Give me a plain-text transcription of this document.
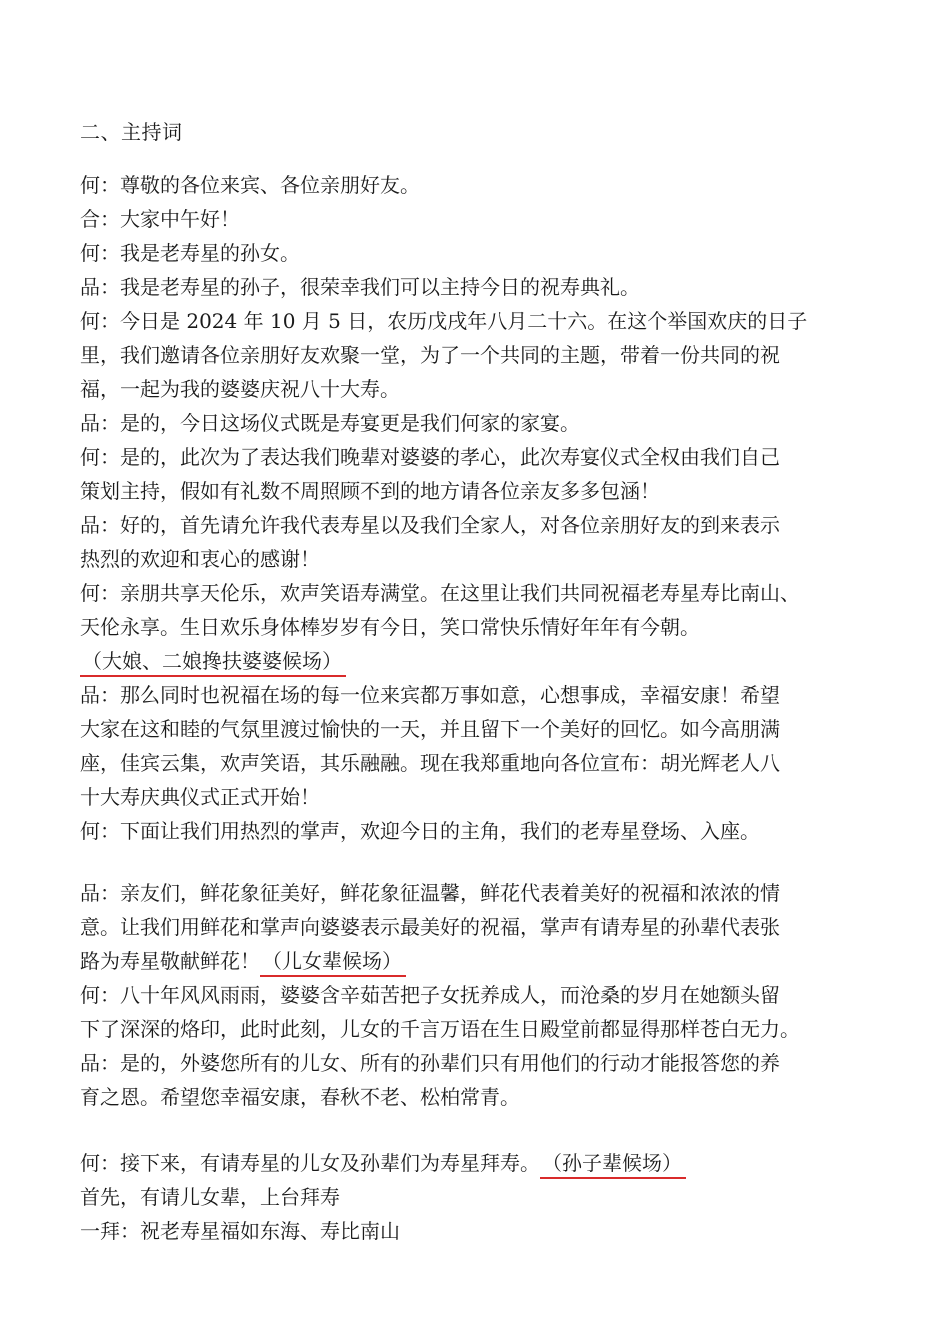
二、主持词
何：尊敬的各位来宾、各位亲朋好友。
合：大家中午好！
何：我是老寿星的孙女。
品：我是老寿星的孙子，很荣幸我们可以主持今日的祝寿典礼。
何：今日是 2024 年 10 月 5 日，农历戊戌年八月二十六。在这个举国欢庆的日子
里，我们邀请各位亲朋好友欢聚一堂，为了一个共同的主题，带着一份共同的祝
福，一起为我的婆婆庆祝八十大寿。
品：是的，今日这场仪式既是寿宴更是我们何家的家宴。
何：是的，此次为了表达我们晚辈对婆婆的孝心，此次寿宴仪式全权由我们自己
策划主持，假如有礼数不周照顾不到的地方请各位亲友多多包涵！
品：好的，首先请允许我代表寿星以及我们全家人，对各位亲朋好友的到来表示
热烈的欢迎和衷心的感谢！
何：亲朋共享天伦乐，欢声笑语寿满堂。在这里让我们共同祝福老寿星寿比南山、
天伦永享。生日欢乐身体棒岁岁有今日，笑口常快乐情好年年有今朝。
（大娘、二娘搀扶婆婆候场）
品：那么同时也祝福在场的每一位来宾都万事如意，心想事成，幸福安康！希望
大家在这和睦的气氛里渡过愉快的一天，并且留下一个美好的回忆。如今高朋满
座，佳宾云集，欢声笑语，其乐融融。现在我郑重地向各位宣布：胡光辉老人八
十大寿庆典仪式正式开始！
何：下面让我们用热烈的掌声，欢迎今日的主角，我们的老寿星登场、入座。
品：亲友们，鲜花象征美好，鲜花象征温馨，鲜花代表着美好的祝福和浓浓的情
意。让我们用鲜花和掌声向婆婆表示最美好的祝福，掌声有请寿星的孙辈代表张
路为寿星敬献鲜花！ （儿女辈候场）
何：八十年风风雨雨，婆婆含辛茹苦把子女抚养成人，而沧桑的岁月在她额头留
下了深深的烙印，此时此刻，儿女的千言万语在生日殿堂前都显得那样苍白无力。
品：是的，外婆您所有的儿女、所有的孙辈们只有用他们的行动才能报答您的养
育之恩。希望您幸福安康，春秋不老、松柏常青。
何：接下来，有请寿星的儿女及孙辈们为寿星拜寿。 （孙子辈候场）
首先，有请儿女辈，上台拜寿
一拜：祝老寿星福如东海、寿比南山
